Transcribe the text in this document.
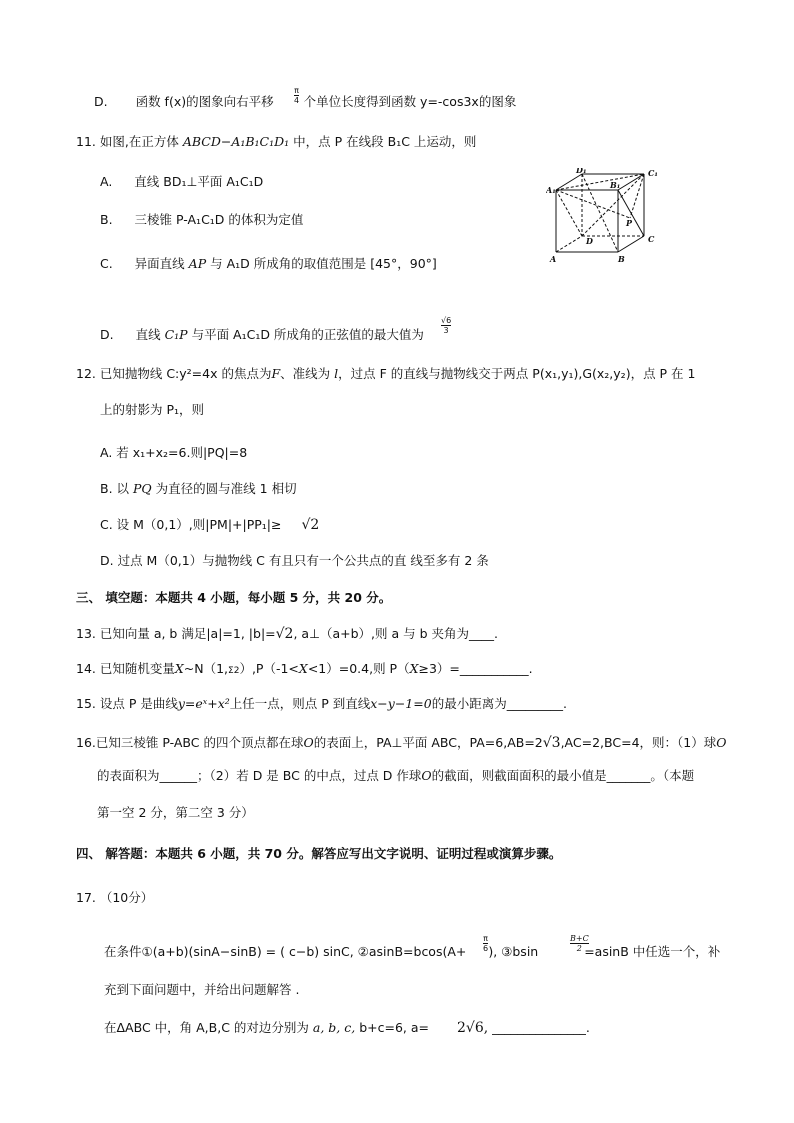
D. 函数 f(x)的图象向右平移 个单位长度得到函数 y=-cos3x的图象
$\frac{\pi}{4}$
11. 如图,在正方体 ABCD−A₁B₁C₁D₁ 中，点 P 在线段 B₁C 上运动，则
A. 直线 BD₁⊥平面 A₁C₁D
B. 三棱锥 P-A₁C₁D 的体积为定值
C. 异面直线 AP 与 A₁D 所成角的取值范围是 [45°，90°]
D. 直线 C₁P 与平面 A₁C₁D 所成角的正弦值的最大值为 $\frac{√6}{3}$
D₁	C₁
A₁	B₁
D
P
C
A	B
12. 已知抛物线 C:y²=4x 的焦点为F、准线为 l，过点 F 的直线与抛物线交于两点 P(x₁,y₁),G(x₂,y₂)，点 P 在 1
上的射影为 P₁，则
A. 若 x₁+x₂=6.则|PQ|=8
B. 以 PQ 为直径的圆与准线 1 相切
C. 设 M（0,1）,则|PM|+|PP₁|≥ √2
D. 过点 M（0,1）与抛物线 C 有且只有一个公共点的直 线至多有 2 条
三、 填空题：本题共 4 小题，每小题 5 分，共 20 分。
13. 已知向量 a, b 满足|a|=1, |b|=√2, a⊥（a+b）,则 a 与 b 夹角为____.
14. 已知随机变量X~N（1,Σ2）,P（-1<X<1）=0.4,则 P（X≥3）=___________.
15. 设点 P 是曲线y=eˣ+x²上任一点，则点 P 到直线x−y−1=0的最小距离为_________.
16.已知三棱锥 P-ABC 的四个顶点都在球O的表面上，PA⊥平面 ABC，PA=6,AB=2√3,AC=2,BC=4，则：（1）球O
的表面积为______；（2）若 D 是 BC 的中点，过点 D 作球O的截面，则截面面积的最小值是_______。（本题
第一空 2 分，第二空 3 分）
四、 解答题：本题共 6 小题，共 70 分。解答应写出文字说明、证明过程或演算步骤。
17. （10分）
在条件①(a+b)(sinA−sinB) = ( c−b) sinC, ②asinB=bcos(A+ ), ③bsin	=asinB 中任选一个，补
$\frac{\pi}{6}$	$\frac{B+C}{2}$
充到下面问题中，并给出问题解答 .
在ΔABC 中，角 A,B,C 的对边分别为 a, b, c, b+c=6, a= 2√6, _______________.
